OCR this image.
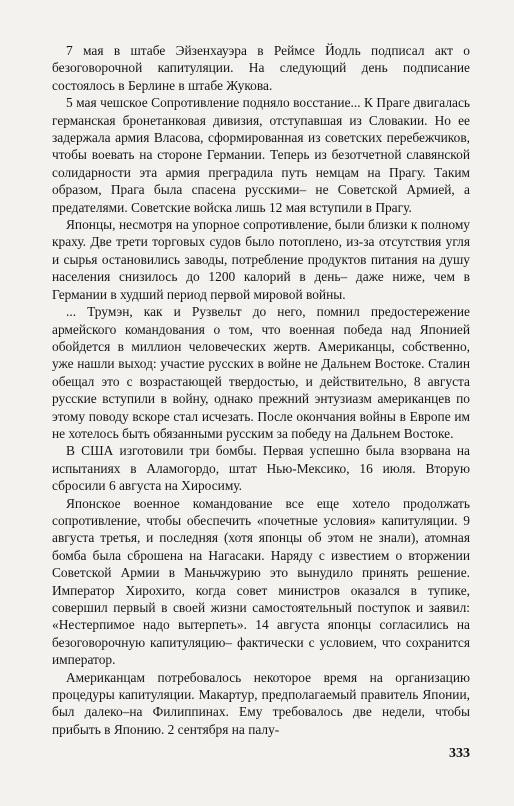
7 мая в штабе Эйзенхауэра в Реймсе Йодль подписал акт о безоговорочной капитуляции. На следующий день подписание состоялось в Берлине в штабе Жукова.

5 мая чешское Сопротивление подняло восстание... К Праге двигалась германская бронетанковая дивизия, отступавшая из Словакии. Но ее задержала армия Власова, сформированная из советских перебежчиков, чтобы воевать на стороне Германии. Теперь из безотчетной славянской солидарности эта армия преградила путь немцам на Прагу. Таким образом, Прага была спасена русскими– не Советской Армией, а предателями. Советские войска лишь 12 мая вступили в Прагу.

Японцы, несмотря на упорное сопротивление, были близки к полному краху. Две трети торговых судов было потоплено, из-за отсутствия угля и сырья остановились заводы, потребление продуктов питания на душу населения снизилось до 1200 калорий в день– даже ниже, чем в Германии в худший период первой мировой войны.

... Трумэн, как и Рузвельт до него, помнил предостережение армейского командования о том, что военная победа над Японией обойдется в миллион человеческих жертв. Американцы, собственно, уже нашли выход: участие русских в войне не Дальнем Востоке. Сталин обещал это с возрастающей твердостью, и действительно, 8 августа русские вступили в войну, однако прежний энтузиазм американцев по этому поводу вскоре стал исчезать. После окончания войны в Европе им не хотелось быть обязанными русским за победу на Дальнем Востоке.

В США изготовили три бомбы. Первая успешно была взорвана на испытаниях в Аламогордо, штат Нью-Мексико, 16 июля. Вторую сбросили 6 августа на Хиросиму.

Японское военное командование все еще хотело продолжать сопротивление, чтобы обеспечить «почетные условия» капитуляции. 9 августа третья, и последняя (хотя японцы об этом не знали), атомная бомба была сброшена на Нагасаки. Наряду с известием о вторжении Советской Армии в Маньчжурию это вынудило принять решение. Император Хирохито, когда совет министров оказался в тупике, совершил первый в своей жизни самостоятельный поступок и заявил: «Нестерпимое надо вытерпеть». 14 августа японцы согласились на безоговорочную капитуляцию– фактически с условием, что сохранится император.

Американцам потребовалось некоторое время на организацию процедуры капитуляции. Макартур, предполагаемый правитель Японии, был далеко–на Филиппинах. Ему требовалось две недели, чтобы прибыть в Японию. 2 сентября на палу-

333
